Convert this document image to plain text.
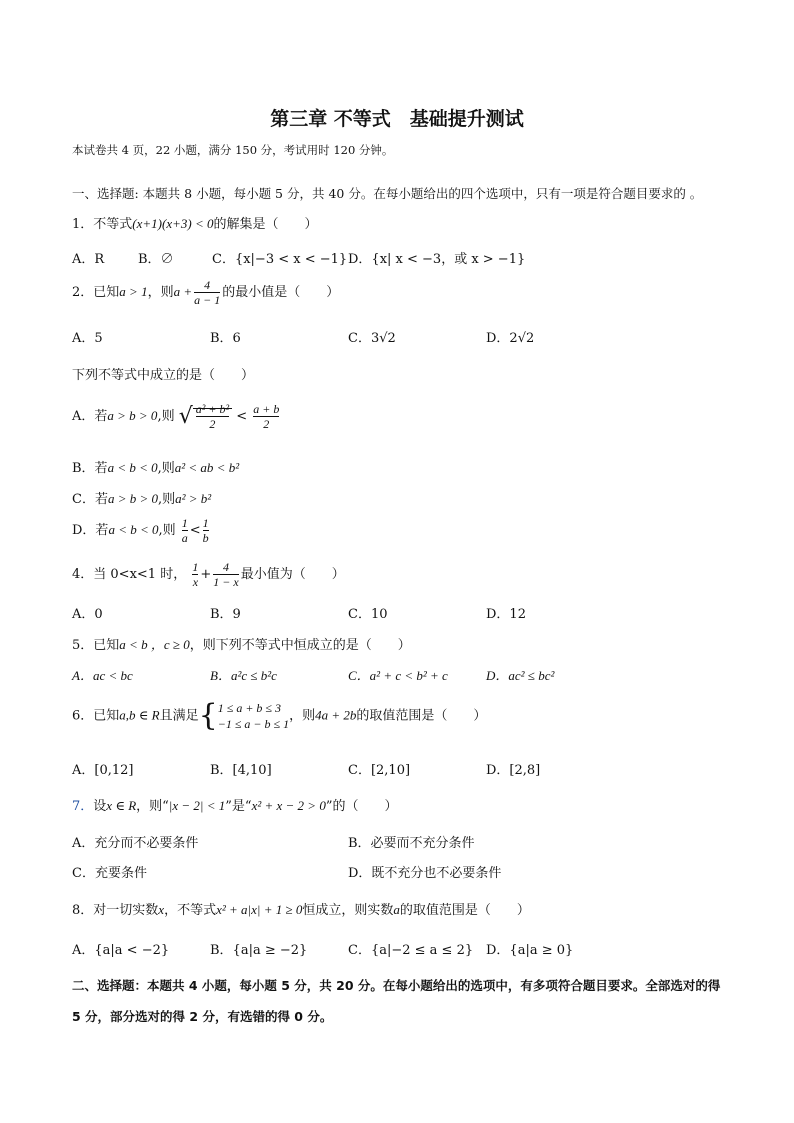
第三章 不等式　基础提升测试
本试卷共 4 页，22 小题，满分 150 分，考试用时 120 分钟。
一、选择题: 本题共 8 小题，每小题 5 分，共 40 分。在每小题给出的四个选项中，只有一项是符合题目要求的 。
1．不等式(x+1)(x+3) < 0的解集是（　　）
A．R	B．∅	C．{x|−3 < x < −1} D．{x| x < −3，或 x > −1}
2．已知a > 1，则$a + \frac{4}{a - 1}$ 的最小值是（　　）
A．5	B．6	C．3√2	D．2√2
下列不等式中成立的是（　　）
A．若a > b > 0,则 √ $\frac{\text{a² + b²}}{2} < \frac{a + b}{2}$
B．若a < b < 0,则a² < ab < b²
C．若a > b > 0,则a² > b²
D．若a < b < 0,则 $\frac{1}{a} < \frac{1}{b}$
4．当 0<x<1 时， $\frac{1}{x} + \frac{4}{1 - x}$ 最小值为（　　）
A．0	B．9	C．10	D．12
5．已知a < b ，c ≥ 0，则下列不等式中恒成立的是（　　）
A．ac < bc	B．a²c ≤ b²c	C．a² + c < b² + c	D．ac² ≤ bc²
6．已知a,b ∈ R且满足{ 1 ≤ a + b ≤ 3
−1 ≤ a − b ≤ 1
，则4a + 2b的取值范围是（　　）
A．[0,12]	B．[4,10]	C．[2,10]	D．[2,8]
7．设x ∈ R，则“|x − 2| < 1”是“x² + x − 2 > 0”的（　　）
A．充分而不必要条件	B．必要而不充分条件
C．充要条件	D．既不充分也不必要条件
8．对一切实数x，不等式x² + a|x| + 1 ≥ 0恒成立，则实数a的取值范围是（　　）
A．{a|a < −2}	B．{a|a ≥ −2}	C．{a|−2 ≤ a ≤ 2} D．{a|a ≥ 0}
二、选择题：本题共 4 小题，每小题 5 分，共 20 分。在每小题给出的选项中，有多项符合题目要求。全部选对的得 5 分，部分选对的得 2 分，有选错的得 0 分。
